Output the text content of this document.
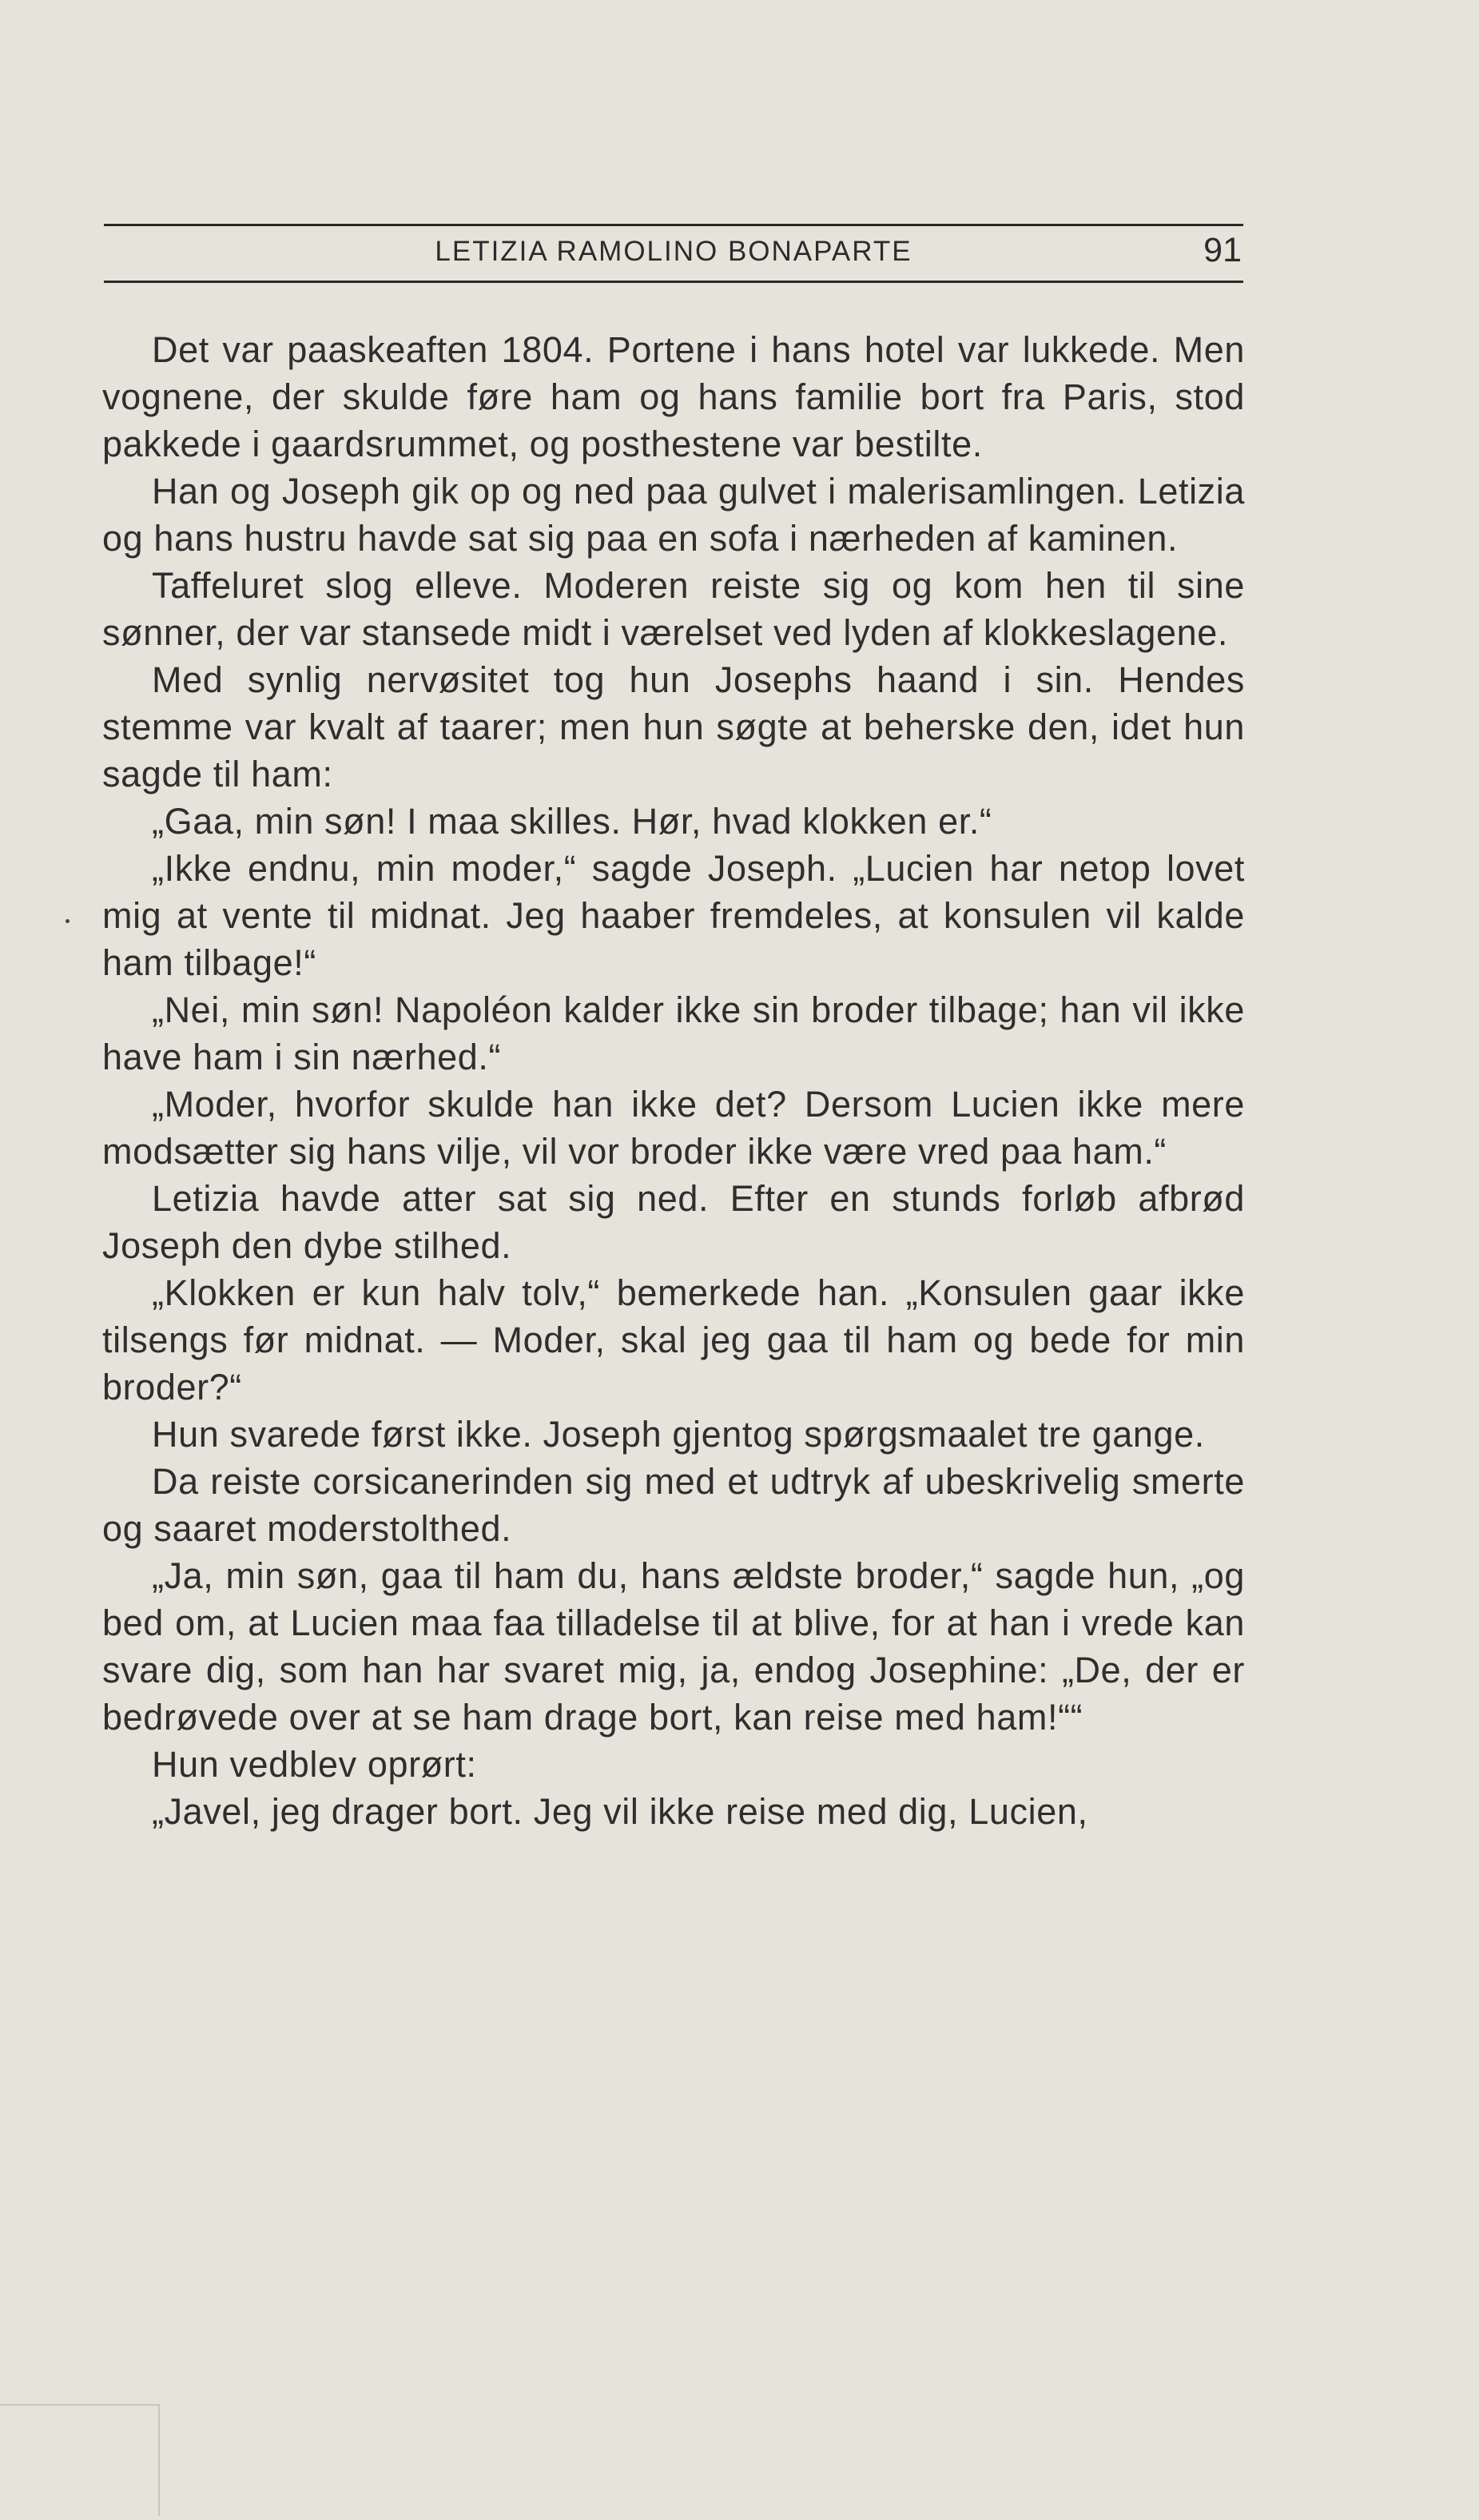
LETIZIA RAMOLINO BONAPARTE	91

Det var paaskeaften 1804. Portene i hans hotel var lukkede. Men vognene, der skulde føre ham og hans familie bort fra Paris, stod pakkede i gaardsrummet, og posthestene var bestilte.

Han og Joseph gik op og ned paa gulvet i malerisamlingen. Letizia og hans hustru havde sat sig paa en sofa i nærheden af kaminen.

Taffeluret slog elleve. Moderen reiste sig og kom hen til sine sønner, der var stansede midt i værelset ved lyden af klokkeslagene.

Med synlig nervøsitet tog hun Josephs haand i sin. Hendes stemme var kvalt af taarer; men hun søgte at beherske den, idet hun sagde til ham:

„Gaa, min søn! I maa skilles. Hør, hvad klokken er.“

„Ikke endnu, min moder,“ sagde Joseph. „Lucien har netop lovet mig at vente til midnat. Jeg haaber fremdeles, at konsulen vil kalde ham tilbage!“

„Nei, min søn! Napoléon kalder ikke sin broder tilbage; han vil ikke have ham i sin nærhed.“

„Moder, hvorfor skulde han ikke det? Dersom Lucien ikke mere modsætter sig hans vilje, vil vor broder ikke være vred paa ham.“

Letizia havde atter sat sig ned. Efter en stunds forløb afbrød Joseph den dybe stilhed.

„Klokken er kun halv tolv,“ bemerkede han. „Konsulen gaar ikke tilsengs før midnat. — Moder, skal jeg gaa til ham og bede for min broder?“

Hun svarede først ikke. Joseph gjentog spørgsmaalet tre gange.

Da reiste corsicanerinden sig med et udtryk af ubeskrivelig smerte og saaret moderstolthed.

„Ja, min søn, gaa til ham du, hans ældste broder,“ sagde hun, „og bed om, at Lucien maa faa tilladelse til at blive, for at han i vrede kan svare dig, som han har svaret mig, ja, endog Josephine: „De, der er bedrøvede over at se ham drage bort, kan reise med ham!““

Hun vedblev oprørt:

„Javel, jeg drager bort. Jeg vil ikke reise med dig, Lucien,
